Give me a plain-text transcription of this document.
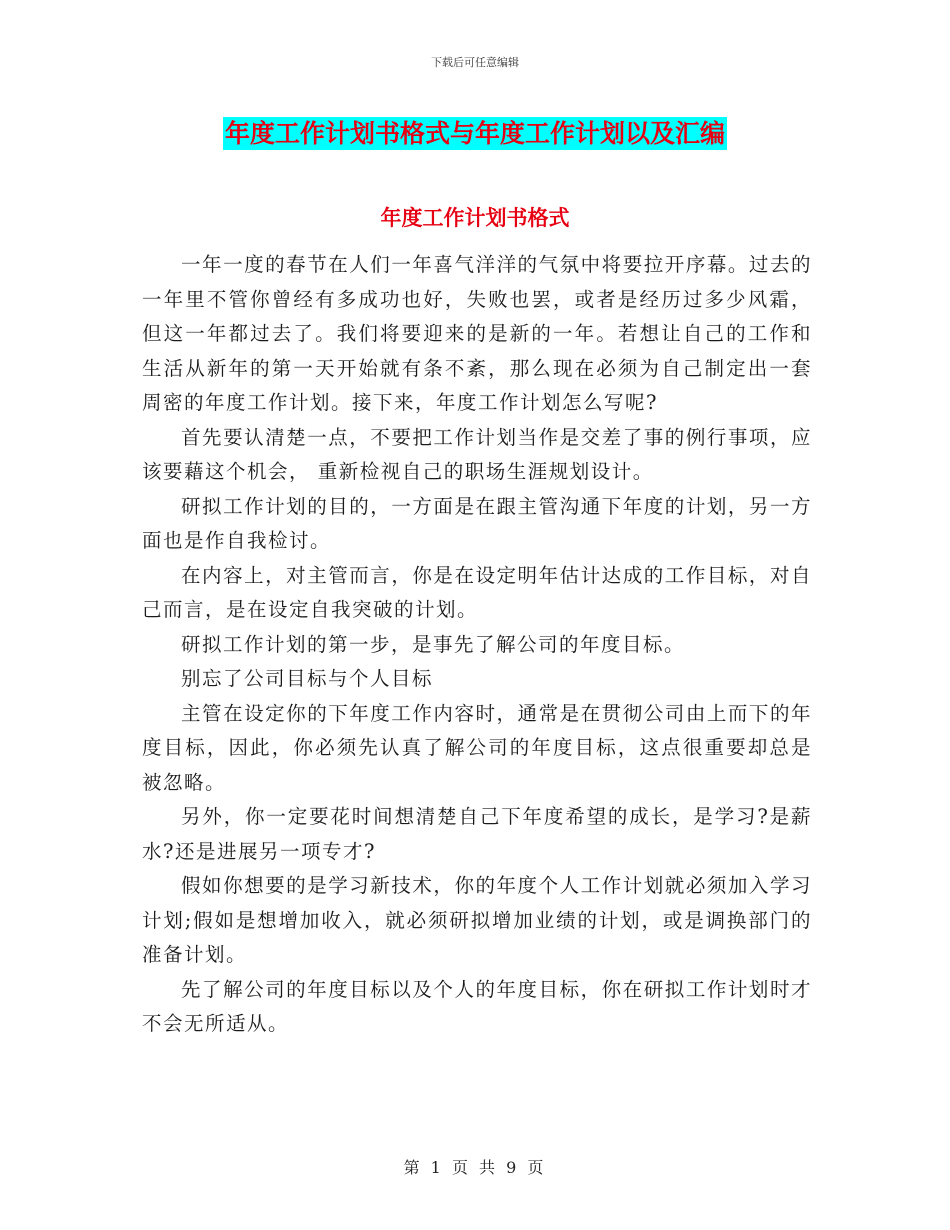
下载后可任意编辑
年度工作计划书格式与年度工作计划以及汇编
年度工作计划书格式

一年一度的春节在人们一年喜气洋洋的气氛中将要拉开序幕。过去的一年里不管你曾经有多成功也好，失败也罢，或者是经历过多少风霜，但这一年都过去了。我们将要迎来的是新的一年。若想让自己的工作和生活从新年的第一天开始就有条不紊，那么现在必须为自己制定出一套周密的年度工作计划。接下来，年度工作计划怎么写呢?

首先要认清楚一点，不要把工作计划当作是交差了事的例行事项，应该要藉这个机会， 重新检视自己的职场生涯规划设计。

研拟工作计划的目的，一方面是在跟主管沟通下年度的计划，另一方面也是作自我检讨。

在内容上，对主管而言，你是在设定明年估计达成的工作目标，对自己而言，是在设定自我突破的计划。

研拟工作计划的第一步，是事先了解公司的年度目标。

别忘了公司目标与个人目标

主管在设定你的下年度工作内容时，通常是在贯彻公司由上而下的年度目标，因此，你必须先认真了解公司的年度目标，这点很重要却总是被忽略。

另外，你一定要花时间想清楚自己下年度希望的成长，是学习?是薪水?还是进展另一项专才?

假如你想要的是学习新技术，你的年度个人工作计划就必须加入学习计划;假如是想增加收入，就必须研拟增加业绩的计划，或是调换部门的准备计划。

先了解公司的年度目标以及个人的年度目标，你在研拟工作计划时才不会无所适从。

第 1 页 共 9 页
